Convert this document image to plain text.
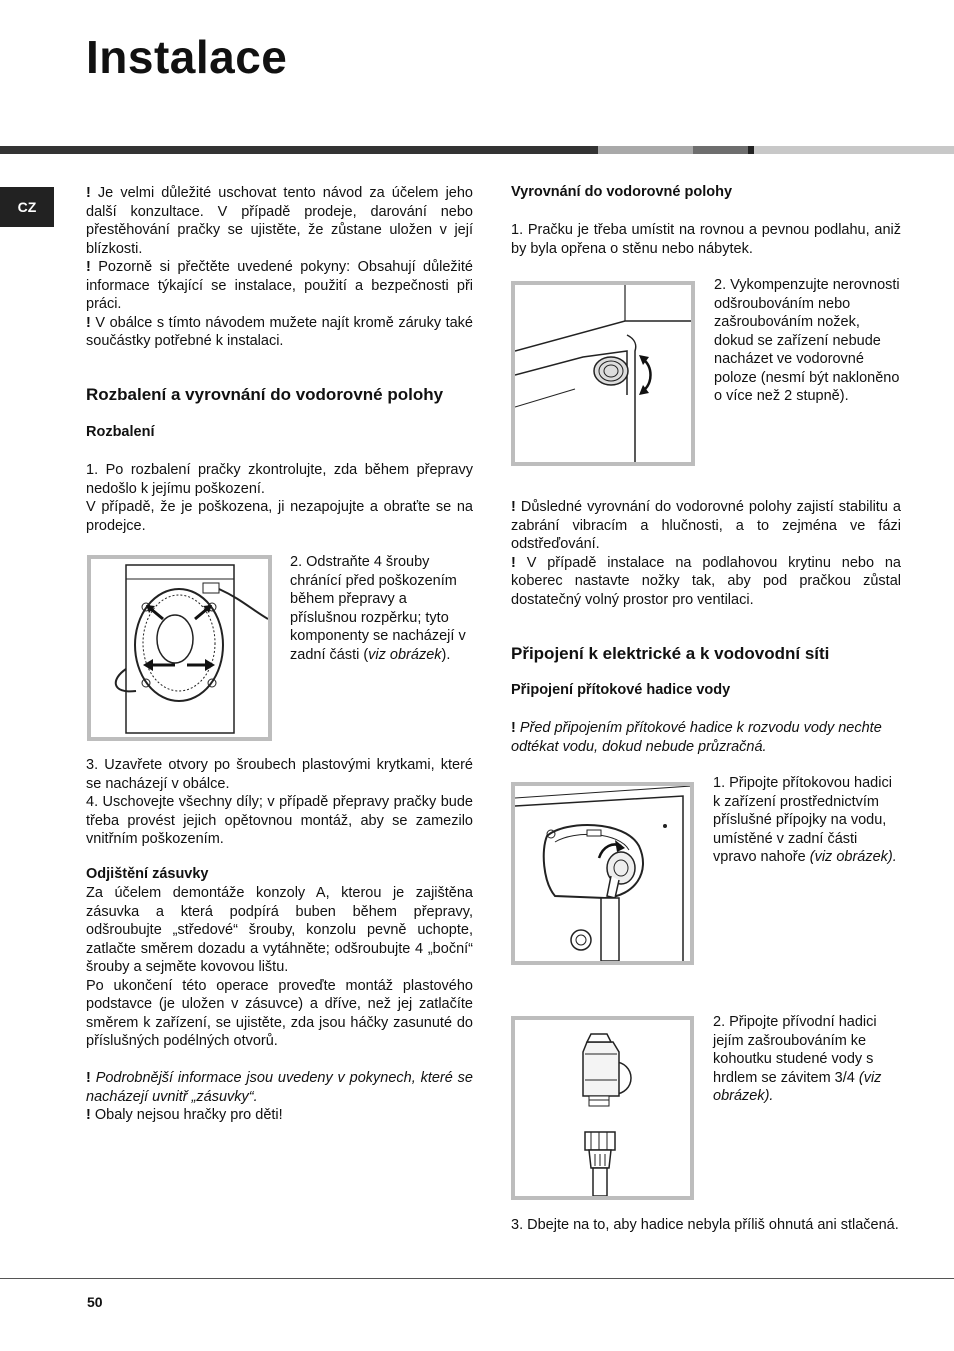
Instalace
CZ

! Je velmi důležité uschovat tento návod za účelem jeho další konzultace. V případě prodeje, darování nebo přestěhování pračky se ujistěte, že zůstane uložen v její blízkosti.

! Pozorně si přečtěte uvedené pokyny: Obsahují důležité informace týkající se instalace, použití a bezpečnosti při práci.

! V obálce s tímto návodem mužete najít kromě záruky také součástky potřebné k instalaci.

Rozbalení a vyrovnání do vodorovné polohy
Rozbalení

1. Po rozbalení pračky zkontrolujte, zda během přepravy nedošlo k jejímu poškození.

V případě, že je poškozena, ji nezapojujte a obraťte se na prodejce.

2. Odstraňte 4 šrouby chránící před poškozením během přepravy a příslušnou rozpěrku; tyto komponenty se nacházejí v zadní části (viz obrázek).

3. Uzavřete otvory po šroubech plastovými krytkami, které se nacházejí v obálce.

4. Uschovejte všechny díly; v případě přepravy pračky bude třeba provést jejich opětovnou montáž, aby se zamezilo vnitřním poškozením.

Odjištění zásuvky

Za účelem demontáže konzoly A, kterou je zajištěna zásuvka a která podpírá buben během přepravy, odšroubujte „středové“ šrouby, konzolu pevně uchopte, zatlačte směrem dozadu a vytáhněte; odšroubujte 4 „boční“ šrouby a sejměte kovovou lištu.

Po ukončení této operace proveďte montáž plastového podstavce (je uložen v zásuvce) a dříve, než jej zatlačíte směrem k zařízení, se ujistěte, zda jsou háčky zasunuté do příslušných podélných otvorů.

! Podrobnější informace jsou uvedeny v pokynech, které se nacházejí uvnitř „zásuvky“.

! Obaly nejsou hračky pro děti!

Vyrovnání do vodorovné polohy

1. Pračku je třeba umístit na rovnou a pevnou podlahu, aniž by byla opřena o stěnu nebo nábytek.

2. Vykompenzujte nerovnosti odšroubováním nebo zašroubováním nožek, dokud se zařízení nebude nacházet ve vodorovné poloze (nesmí být nakloněno o více než 2 stupně).

! Důsledné vyrovnání do vodorovné polohy zajistí stabilitu a zabrání vibracím a hlučnosti, a to zejména ve fázi odstřeďování.

! V případě instalace na podlahovou krytinu nebo na koberec nastavte nožky tak, aby pod pračkou zůstal dostatečný volný prostor pro ventilaci.

Připojení k elektrické a k vodovodní síti
Připojení přítokové hadice vody

! Před připojením přítokové hadice k rozvodu vody nechte odtékat vodu, dokud nebude průzračná.

1. Připojte přítokovou hadici k zařízení prostřednictvím příslušné přípojky na vodu, umístěné v zadní části vpravo nahoře (viz obrázek).

2. Připojte přívodní hadici jejím zašroubováním ke kohoutku studené vody s hrdlem se závitem 3/4 (viz obrázek).

3. Dbejte na to, aby hadice nebyla příliš ohnutá ani stlačená.

50
